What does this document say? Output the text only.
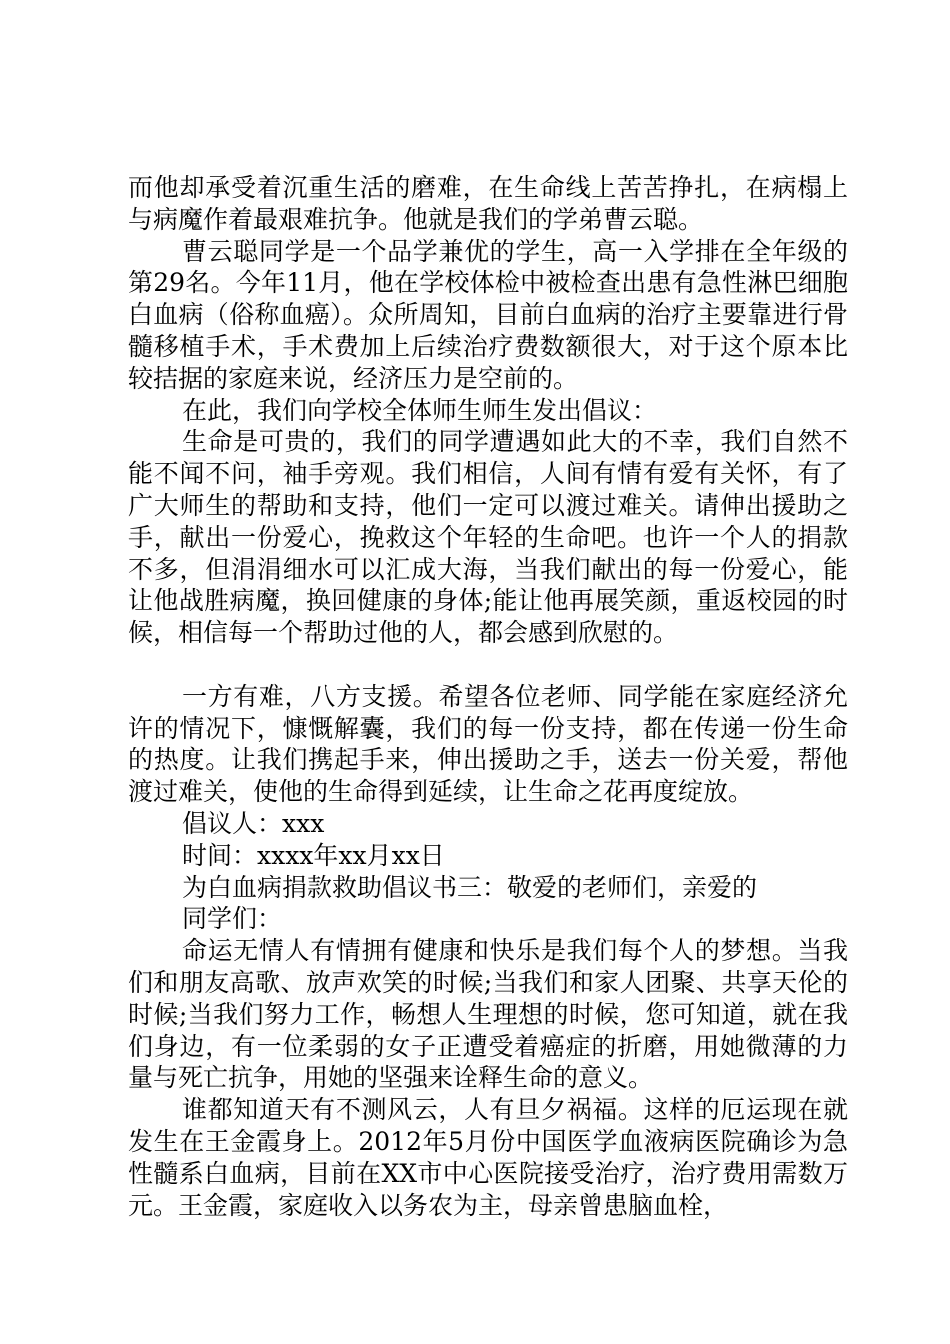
而他却承受着沉重生活的磨难，在生命线上苦苦挣扎，在病榻上与病魔作着最艰难抗争。他就是我们的学弟曹云聪。

曹云聪同学是一个品学兼优的学生，高一入学排在全年级的第29名。今年11月，他在学校体检中被检查出患有急性淋巴细胞白血病（俗称血癌）。众所周知，目前白血病的治疗主要靠进行骨髓移植手术，手术费加上后续治疗费数额很大，对于这个原本比较拮据的家庭来说，经济压力是空前的。

在此，我们向学校全体师生师生发出倡议：

生命是可贵的，我们的同学遭遇如此大的不幸，我们自然不能不闻不问，袖手旁观。我们相信，人间有情有爱有关怀，有了广大师生的帮助和支持，他们一定可以渡过难关。请伸出援助之手，献出一份爱心，挽救这个年轻的生命吧。也许一个人的捐款不多，但涓涓细水可以汇成大海，当我们献出的每一份爱心，能让他战胜病魔，换回健康的身体;能让他再展笑颜，重返校园的时候，相信每一个帮助过他的人，都会感到欣慰的。

一方有难，八方支援。希望各位老师、同学能在家庭经济允许的情况下，慷慨解囊，我们的每一份支持，都在传递一份生命的热度。让我们携起手来，伸出援助之手，送去一份关爱，帮他渡过难关，使他的生命得到延续，让生命之花再度绽放。

倡议人：xxx

时间：xxxx年xx月xx日

为白血病捐款救助倡议书三：敬爱的老师们，亲爱的

同学们：

命运无情人有情拥有健康和快乐是我们每个人的梦想。当我们和朋友高歌、放声欢笑的时候;当我们和家人团聚、共享天伦的时候;当我们努力工作，畅想人生理想的时候，您可知道，就在我们身边，有一位柔弱的女子正遭受着癌症的折磨，用她微薄的力量与死亡抗争，用她的坚强来诠释生命的意义。

谁都知道天有不测风云，人有旦夕祸福。这样的厄运现在就发生在王金霞身上。2012年5月份中国医学血液病医院确诊为急性髓系白血病，目前在XX市中心医院接受治疗，治疗费用需数万元。王金霞，家庭收入以务农为主，母亲曾患脑血栓，
